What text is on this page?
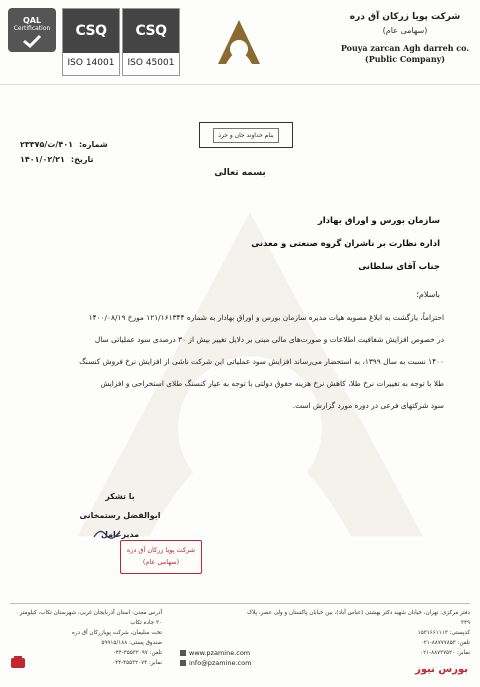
QAL
Certification	CSQ
ISO 14001
CSQ
ISO 45001
شرکت پویا زرکان آق دره
(سهامی عام)
Pouya zarcan Agh darreh co.
(Public Company)
بنام خداوند جان و خرد
شماره:
۴۰۱/ت/۲۳۳۷۵
تاریخ:
۱۴۰۱/۰۲/۲۱
بسمه تعالی
سازمان بورس و اوراق بهادار
اداره نظارت بر ناشران گروه صنعتی و معدنی
جناب آقای سلطانی
باسلام؛
احتراماً، بازگشت به ابلاغ مصوبه هیات مدیره سازمان بورس و اوراق بهادار به شماره ۱۲۱/۱۶۱۳۴۴ مورخ ۱۴۰۰/۰۸/۱۹
در خصوص افزایش شفافیت اطلاعات و صورت‌های مالی مبنی بر دلایل تغییر بیش از ۳۰ درصدی سود عملیاتی سال
۱۴۰۰ نسبت به سال ۱۳۹۹، به استحضار می‌رساند افزایش سود عملیاتی این شرکت ناشی از افزایش نرخ فروش کنسنگ
طلا با توجه به تغییرات نرخ طلا، کاهش نرخ هزینه حقوق دولتی با توجه به عیار کنسنگ طلای استخراجی و افزایش
سود شرکتهای فرعی در دوره مورد گزارش است.
با تشکر
ابوالفضل رستمخانی
مدیرعامل
شرکت پویا زرکان آق دره
(سهامی عام)
دفتر مرکزی: تهران، خیابان شهید دکتر بهشتی (عباس آباد)، بین خیابان پاکستان و ولی عصر، پلاک ۳۴۹
کدپستی: ۱۵۳۱۶۶۱۱۱۳
تلفن: ۸۸۷۷۷۸۵۳-۰۲۱
نمابر: ۸۸۷۳۷۵۲۰-۰۲۱
آدرس معدن: استان آذربایجان غربی، شهرستان تکاب، کیلومتر ۳۰ جاده تکاب
تخت سلیمان، شرکت پویازرکان آق دره
صندوق پستی: ۵۹۹۱۵/۱۸۸
تلفن: ۴۵۵۳۲۰۹۷-۰۴۴
نمابر: ۴۵۵۳۲۰۷۴-۰۴۴
www.pzamine.com
info@pzamine.com
بورس نیوز
